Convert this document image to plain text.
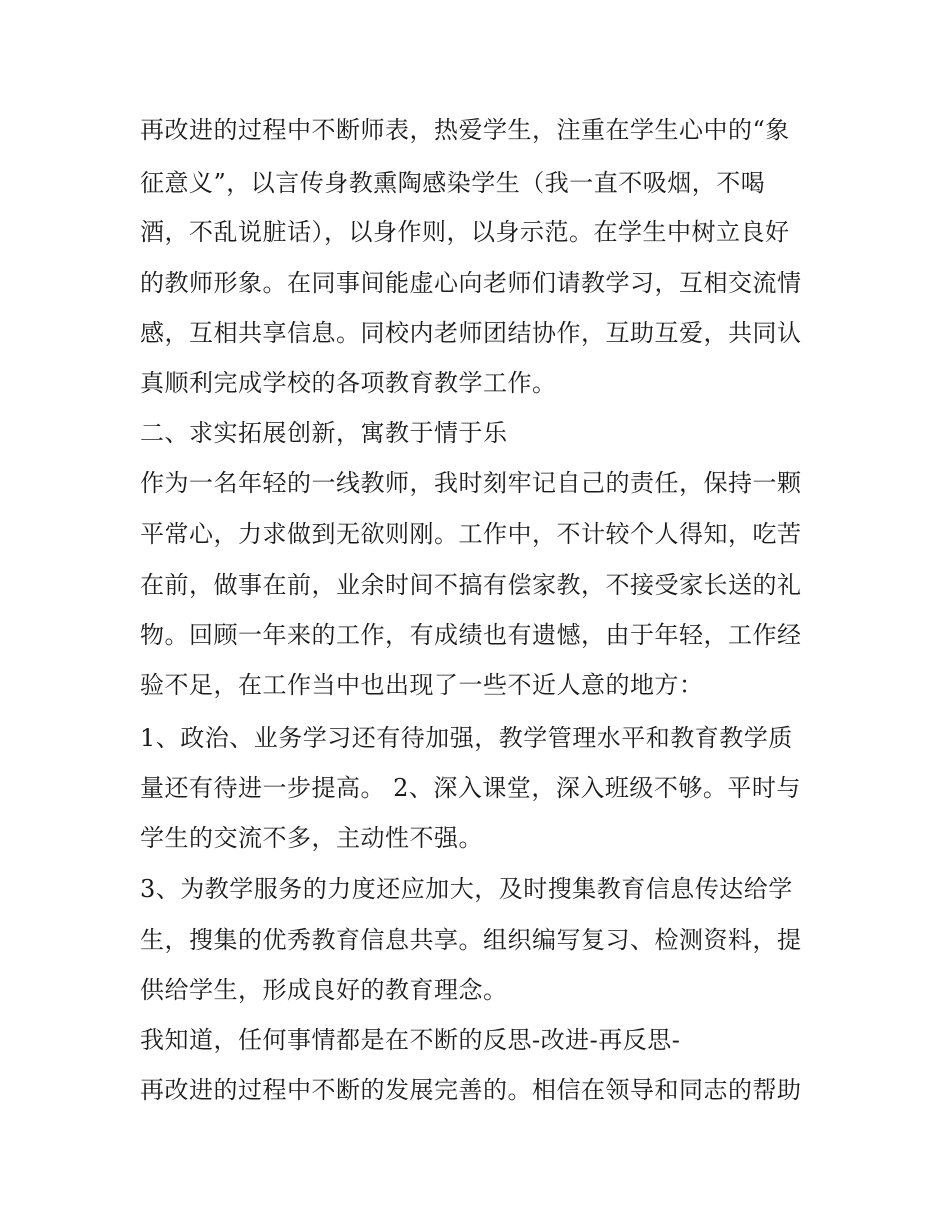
再改进的过程中不断师表，热爱学生，注重在学生心中的“象
征意义”，以言传身教熏陶感染学生（我一直不吸烟，不喝
酒，不乱说脏话），以身作则，以身示范。在学生中树立良好
的教师形象。在同事间能虚心向老师们请教学习，互相交流情
感，互相共享信息。同校内老师团结协作，互助互爱，共同认
真顺利完成学校的各项教育教学工作。
二、求实拓展创新，寓教于情于乐
作为一名年轻的一线教师，我时刻牢记自己的责任，保持一颗
平常心，力求做到无欲则刚。工作中，不计较个人得知，吃苦
在前，做事在前，业余时间不搞有偿家教，不接受家长送的礼
物。回顾一年来的工作，有成绩也有遗憾，由于年轻，工作经
验不足，在工作当中也出现了一些不近人意的地方：
1、政治、业务学习还有待加强，教学管理水平和教育教学质
量还有待进一步提高。 2、深入课堂，深入班级不够。平时与
学生的交流不多，主动性不强。
3、为教学服务的力度还应加大，及时搜集教育信息传达给学
生，搜集的优秀教育信息共享。组织编写复习、检测资料，提
供给学生，形成良好的教育理念。
我知道，任何事情都是在不断的反思-改进-再反思-
再改进的过程中不断的发展完善的。相信在领导和同志的帮助
